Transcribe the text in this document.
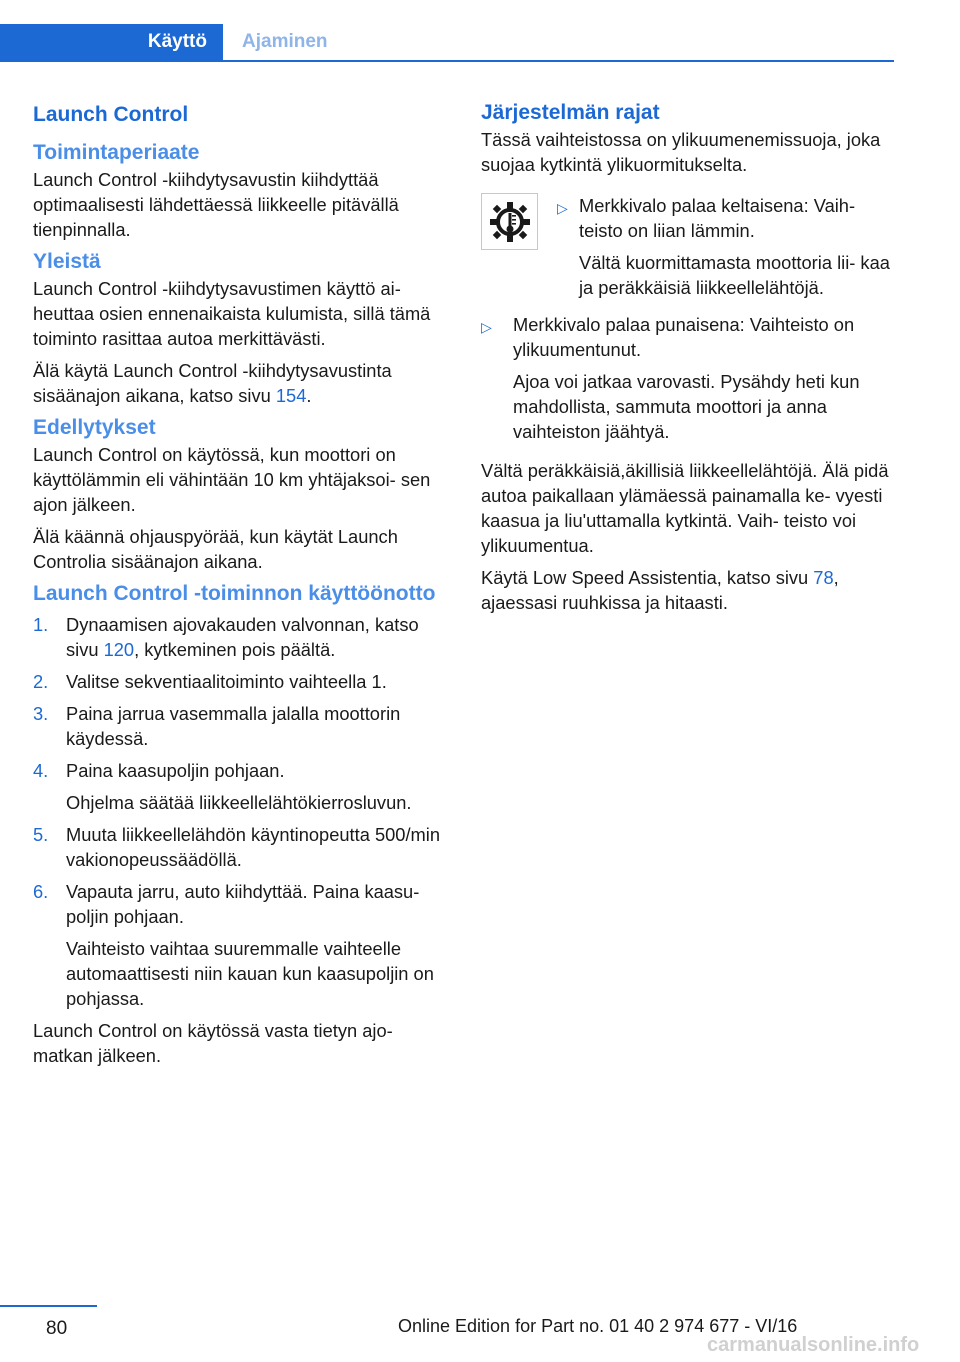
Käyttö	Ajaminen
Launch Control
Toimintaperiaate

Launch Control -kiihdytysavustin kiihdyttää optimaalisesti lähdettäessä liikkeelle pitävällä tienpinnalla.

Yleistä

Launch Control -kiihdytysavustimen käyttö ai‐ heuttaa osien ennenaikaista kulumista, sillä tämä toiminto rasittaa autoa merkittävästi.

Älä käytä Launch Control -kiihdytysavustinta sisäänajon aikana, katso sivu 154.

Edellytykset

Launch Control on käytössä, kun moottori on käyttölämmin eli vähintään 10 km yhtäjaksoi‐ sen ajon jälkeen.

Älä käännä ohjauspyörää, kun käytät Launch Controlia sisäänajon aikana.

Launch Control -toiminnon käyttöönotto
1. Dynaamisen ajovakauden valvonnan, katso sivu 120, kytkeminen pois päältä.
2. Valitse sekventiaalitoiminto vaihteella 1.
3. Paina jarrua vasemmalla jalalla moottorin käydessä.
4. Paina kaasupoljin pohjaan.
Ohjelma säätää liikkeellelähtökierrosluvun.
5. Muuta liikkeellelähdön käyntinopeutta 500/min vakionopeussäädöllä.
6. Vapauta jarru, auto kiihdyttää. Paina kaasu‐ poljin pohjaan.
Vaihteisto vaihtaa suuremmalle vaihteelle automaattisesti niin kauan kun kaasupoljin on pohjassa.

Launch Control on käytössä vasta tietyn ajo‐ matkan jälkeen.

Järjestelmän rajat

Tässä vaihteistossa on ylikuumenemissuoja, joka suojaa kytkintä ylikuormitukselta.

▷ Merkkivalo palaa keltaisena: Vaih‐ teisto on liian lämmin.

Vältä kuormittamasta moottoria lii‐ kaa ja peräkkäisiä liikkeellelähtöjä.

▷ Merkkivalo palaa punaisena: Vaihteisto on ylikuumentunut.

Ajoa voi jatkaa varovasti. Pysähdy heti kun mahdollista, sammuta moottori ja anna vaihteiston jäähtyä.

Vältä peräkkäisiä,äkillisiä liikkeellelähtöjä. Älä pidä autoa paikallaan ylämäessä painamalla ke‐ vyesti kaasua ja liu'uttamalla kytkintä. Vaih‐ teisto voi ylikuumentua.

Käytä Low Speed Assistentia, katso sivu 78, ajaessasi ruuhkissa ja hitaasti.

80	Online Edition for Part no. 01 40 2 974 677 - VI/16
carmanualsonline.info
